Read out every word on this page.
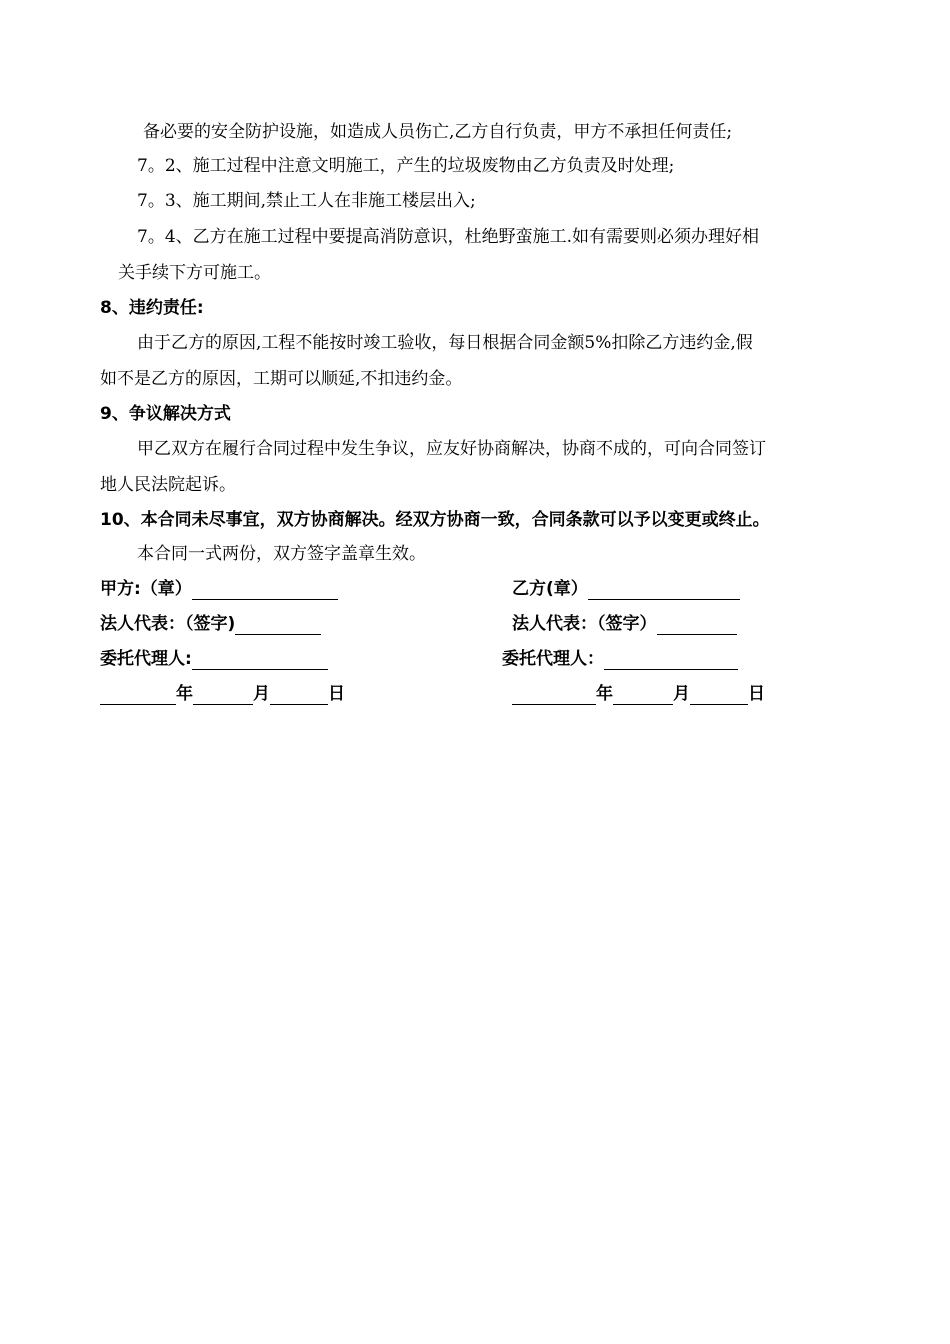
备必要的安全防护设施，如造成人员伤亡,乙方自行负责，甲方不承担任何责任;
7。2、施工过程中注意文明施工，产生的垃圾废物由乙方负责及时处理;
7。3、施工期间,禁止工人在非施工楼层出入;
7。4、乙方在施工过程中要提高消防意识，杜绝野蛮施工.如有需要则必须办理好相
关手续下方可施工。
8、违约责任:
由于乙方的原因,工程不能按时竣工验收，每日根据合同金额5%扣除乙方违约金,假
如不是乙方的原因，工期可以顺延,不扣违约金。
9、争议解决方式
甲乙双方在履行合同过程中发生争议，应友好协商解决，协商不成的，可向合同签订
地人民法院起诉。
10、本合同未尽事宜，双方协商解决。经双方协商一致，合同条款可以予以变更或终止。
本合同一式两份，双方签字盖章生效。
甲方:（章）
法人代表：（签字)
委托代理人:
年	月	日
乙方(章）
法人代表：（签字）
委托代理人：
年	月	日
